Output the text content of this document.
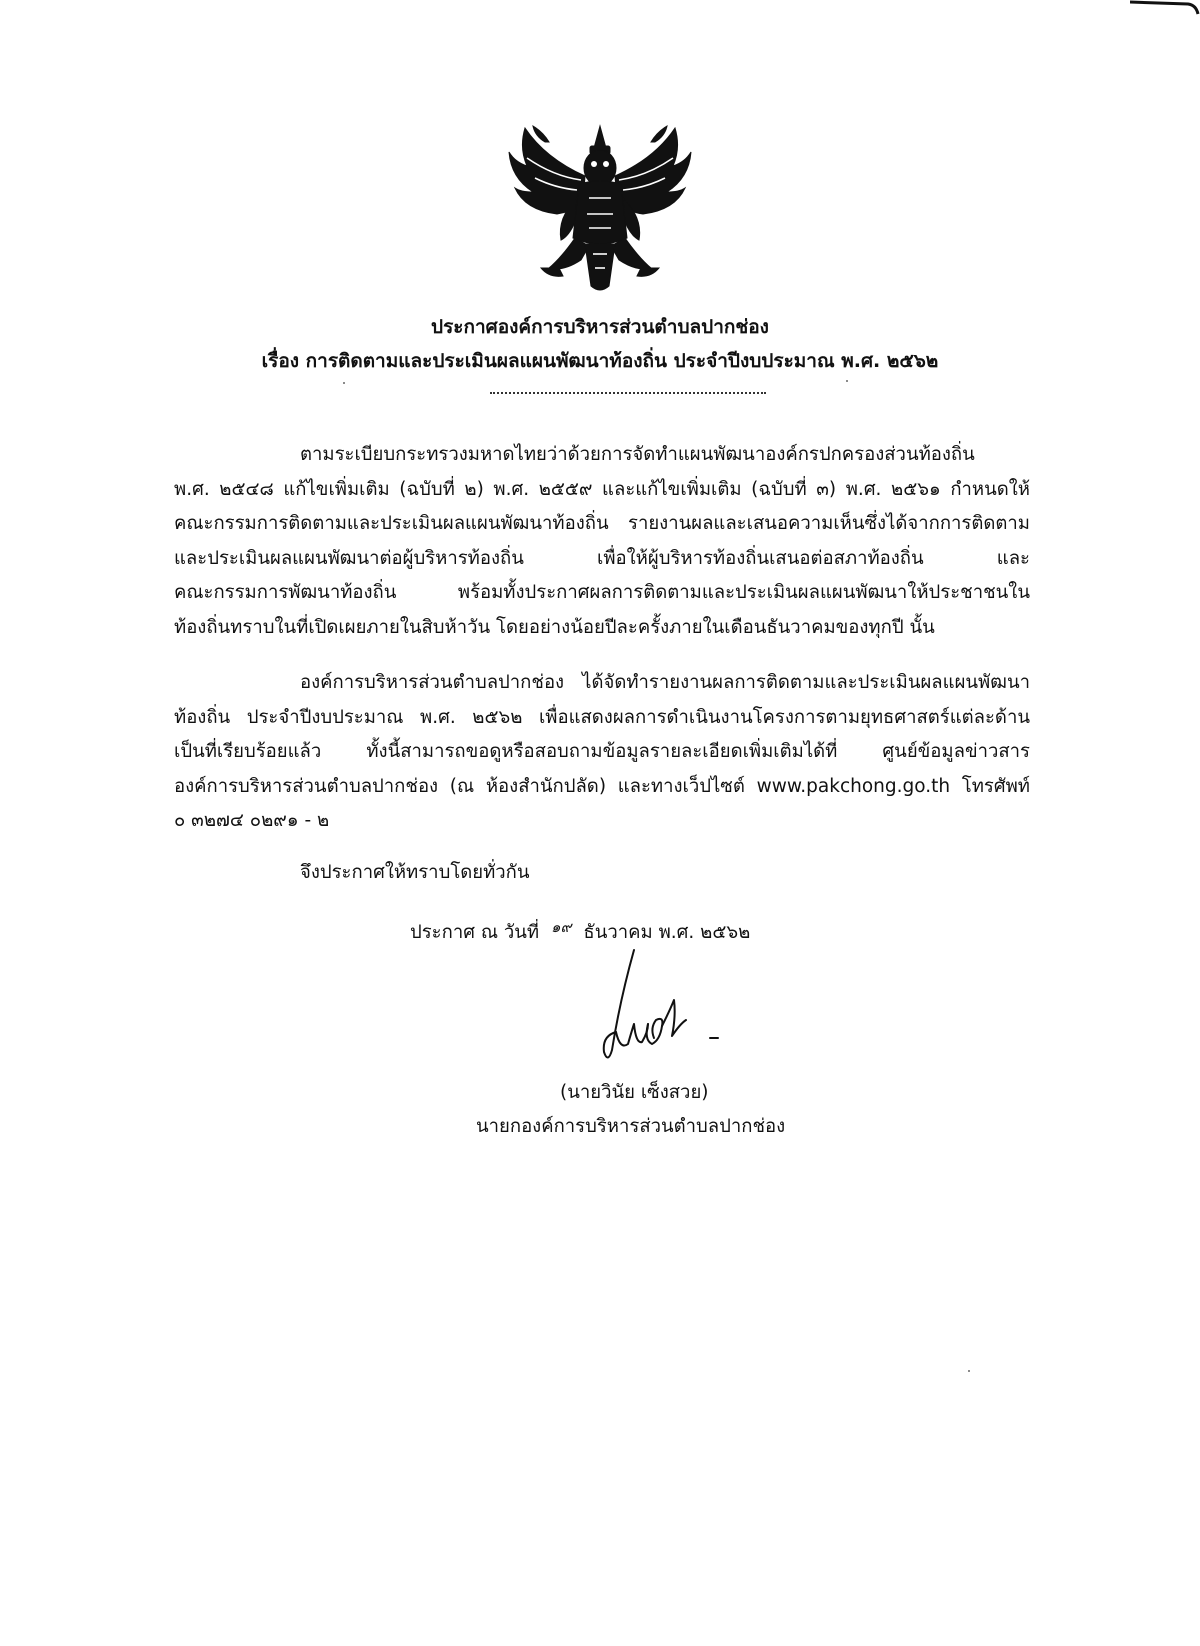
ประกาศองค์การบริหารส่วนตำบลปากช่อง
เรื่อง การติดตามและประเมินผลแผนพัฒนาท้องถิ่น ประจำปีงบประมาณ พ.ศ. ๒๕๖๒
ตามระเบียบกระทรวงมหาดไทยว่าด้วยการจัดทำแผนพัฒนาองค์กรปกครองส่วนท้องถิ่น
พ.ศ. ๒๕๔๘ แก้ไขเพิ่มเติม (ฉบับที่ ๒) พ.ศ. ๒๕๕๙ และแก้ไขเพิ่มเติม (ฉบับที่ ๓) พ.ศ. ๒๕๖๑ กำหนดให้
คณะกรรมการติดตามและประเมินผลแผนพัฒนาท้องถิ่น รายงานผลและเสนอความเห็นซึ่งได้จากการติดตาม
และประเมินผลแผนพัฒนาต่อผู้บริหารท้องถิ่น เพื่อให้ผู้บริหารท้องถิ่นเสนอต่อสภาท้องถิ่น และ
คณะกรรมการพัฒนาท้องถิ่น พร้อมทั้งประกาศผลการติดตามและประเมินผลแผนพัฒนาให้ประชาชนใน
ท้องถิ่นทราบในที่เปิดเผยภายในสิบห้าวัน โดยอย่างน้อยปีละครั้งภายในเดือนธันวาคมของทุกปี นั้น
องค์การบริหารส่วนตำบลปากช่อง ได้จัดทำรายงานผลการติดตามและประเมินผลแผนพัฒนา
ท้องถิ่น ประจำปีงบประมาณ พ.ศ. ๒๕๖๒ เพื่อแสดงผลการดำเนินงานโครงการตามยุทธศาสตร์แต่ละด้าน
เป็นที่เรียบร้อยแล้ว ทั้งนี้สามารถขอดูหรือสอบถามข้อมูลรายละเอียดเพิ่มเติมได้ที่ ศูนย์ข้อมูลข่าวสาร
องค์การบริหารส่วนตำบลปากช่อง (ณ ห้องสำนักปลัด) และทางเว็ปไซต์ www.pakchong.go.th โทรศัพท์
๐ ๓๒๗๔ ๐๒๙๑ - ๒
จึงประกาศให้ทราบโดยทั่วกัน
ประกาศ ณ วันที่ $^{๑๙}$ ธันวาคม พ.ศ. ๒๕๖๒
(นายวินัย เซ็งสวย)
นายกองค์การบริหารส่วนตำบลปากช่อง
